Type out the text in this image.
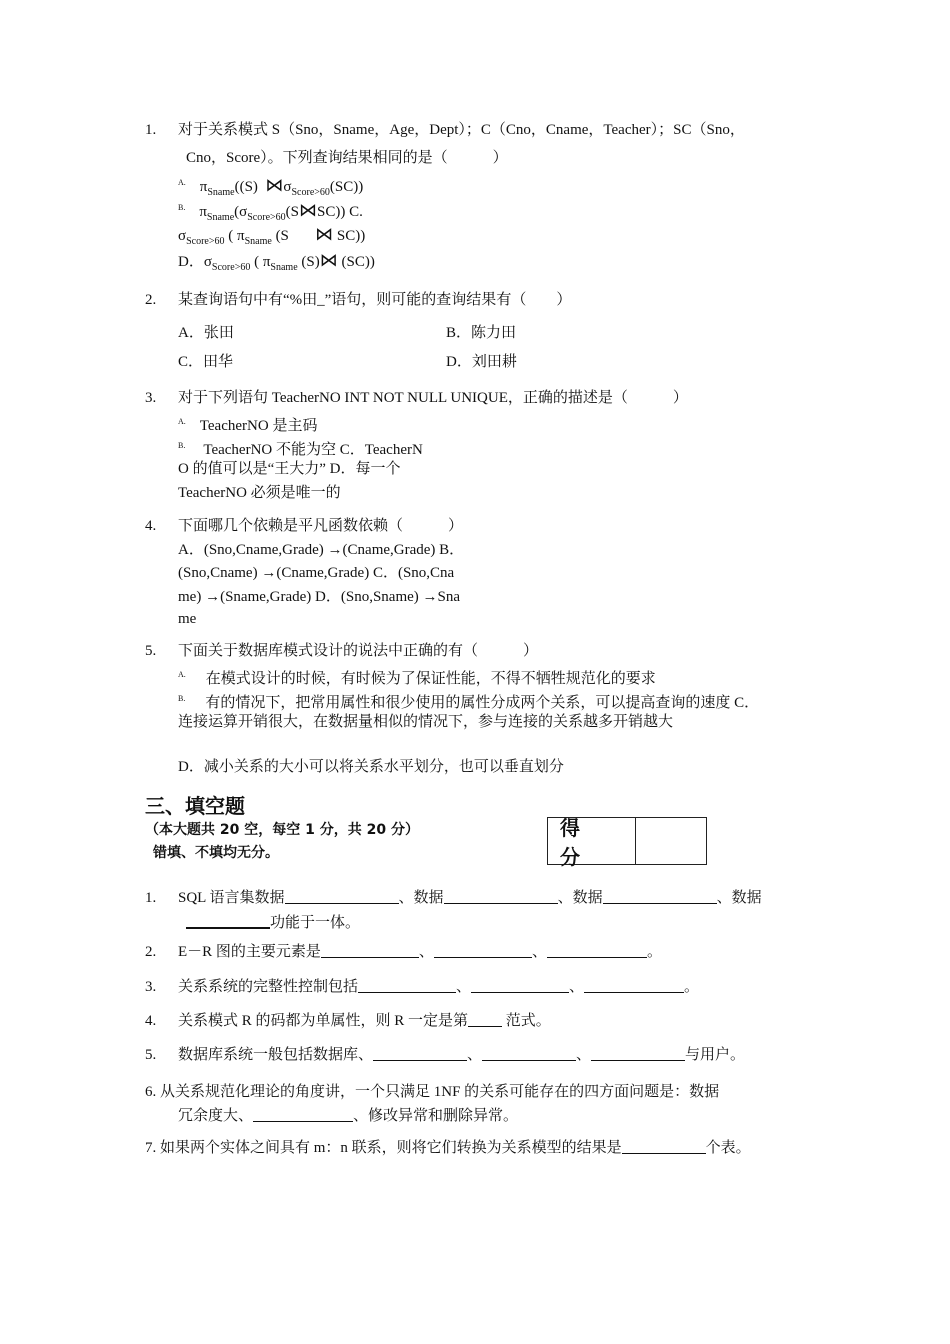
1. 对于关系模式 S（Sno，Sname，Age，Dept）；C（Cno，Cname，Teacher）；SC（Sno，
Cno，Score）。下列查询结果相同的是（　　　）
$^{A.}$ $\pi_{Sname}((S)$ $⋈\sigma_{Score>60}(SC)$)
$^{B.}$ $\pi_{Sname}(\sigma_{Score>60}(S⋈SC))$ C.
$\sigma_{Score>60}$ ( $\pi_{Sname}$ (S ⋈ SC))
D．$\sigma_{Score>60}$ ( $\pi_{Sname}$ (S)⋈ (SC))
2. 某查询语句中有“%田_”语句，则可能的查询结果有（　　）
A．张田	B．陈力田
C．田华	D．刘田耕
3. 对于下列语句 TeacherNO INT NOT NULL UNIQUE，正确的描述是（　　　）
$^{A.}$ TeacherNO 是主码
$^{B.}$ TeacherNO 不能为空 C．TeacherN
O 的值可以是“王大力” D．每一个
TeacherNO 必须是唯一的
4. 下面哪几个依赖是平凡函数依赖（　　　）
A．(Sno,Cname,Grade) →(Cname,Grade) B．
(Sno,Cname) →(Cname,Grade) C．(Sno,Cna
me) →(Sname,Grade) D．(Sno,Sname) →Sna
me
5. 下面关于数据库模式设计的说法中正确的有（　　　）
$^{A.}$ 在模式设计的时候，有时候为了保证性能，不得不牺牲规范化的要求
$^{B.}$ 有的情况下，把常用属性和很少使用的属性分成两个关系，可以提高查询的速度 C．
连接运算开销很大，在数据量相似的情况下，参与连接的关系越多开销越大
D．减小关系的大小可以将关系水平划分，也可以垂直划分
三、填空题
（本大题共 20 空，每空 1 分，共 20 分）
错填、不填均无分。
得分
1. SQL 语言集数据	、数据	、数据	、数据
功能于一体。
2. E－R 图的主要元素是	、	、	。
3. 关系系统的完整性控制包括	、	、	。
4. 关系模式 R 的码都为单属性，则 R 一定是第 范式。
5. 数据库系统一般包括数据库、	、	、	与用户。
6. 从关系规范化理论的角度讲，一个只满足 1NF 的关系可能存在的四方面问题是：数据
冗余度大、	、修改异常和删除异常。
7. 如果两个实体之间具有 m：n 联系，则将它们转换为关系模型的结果是	个表。
